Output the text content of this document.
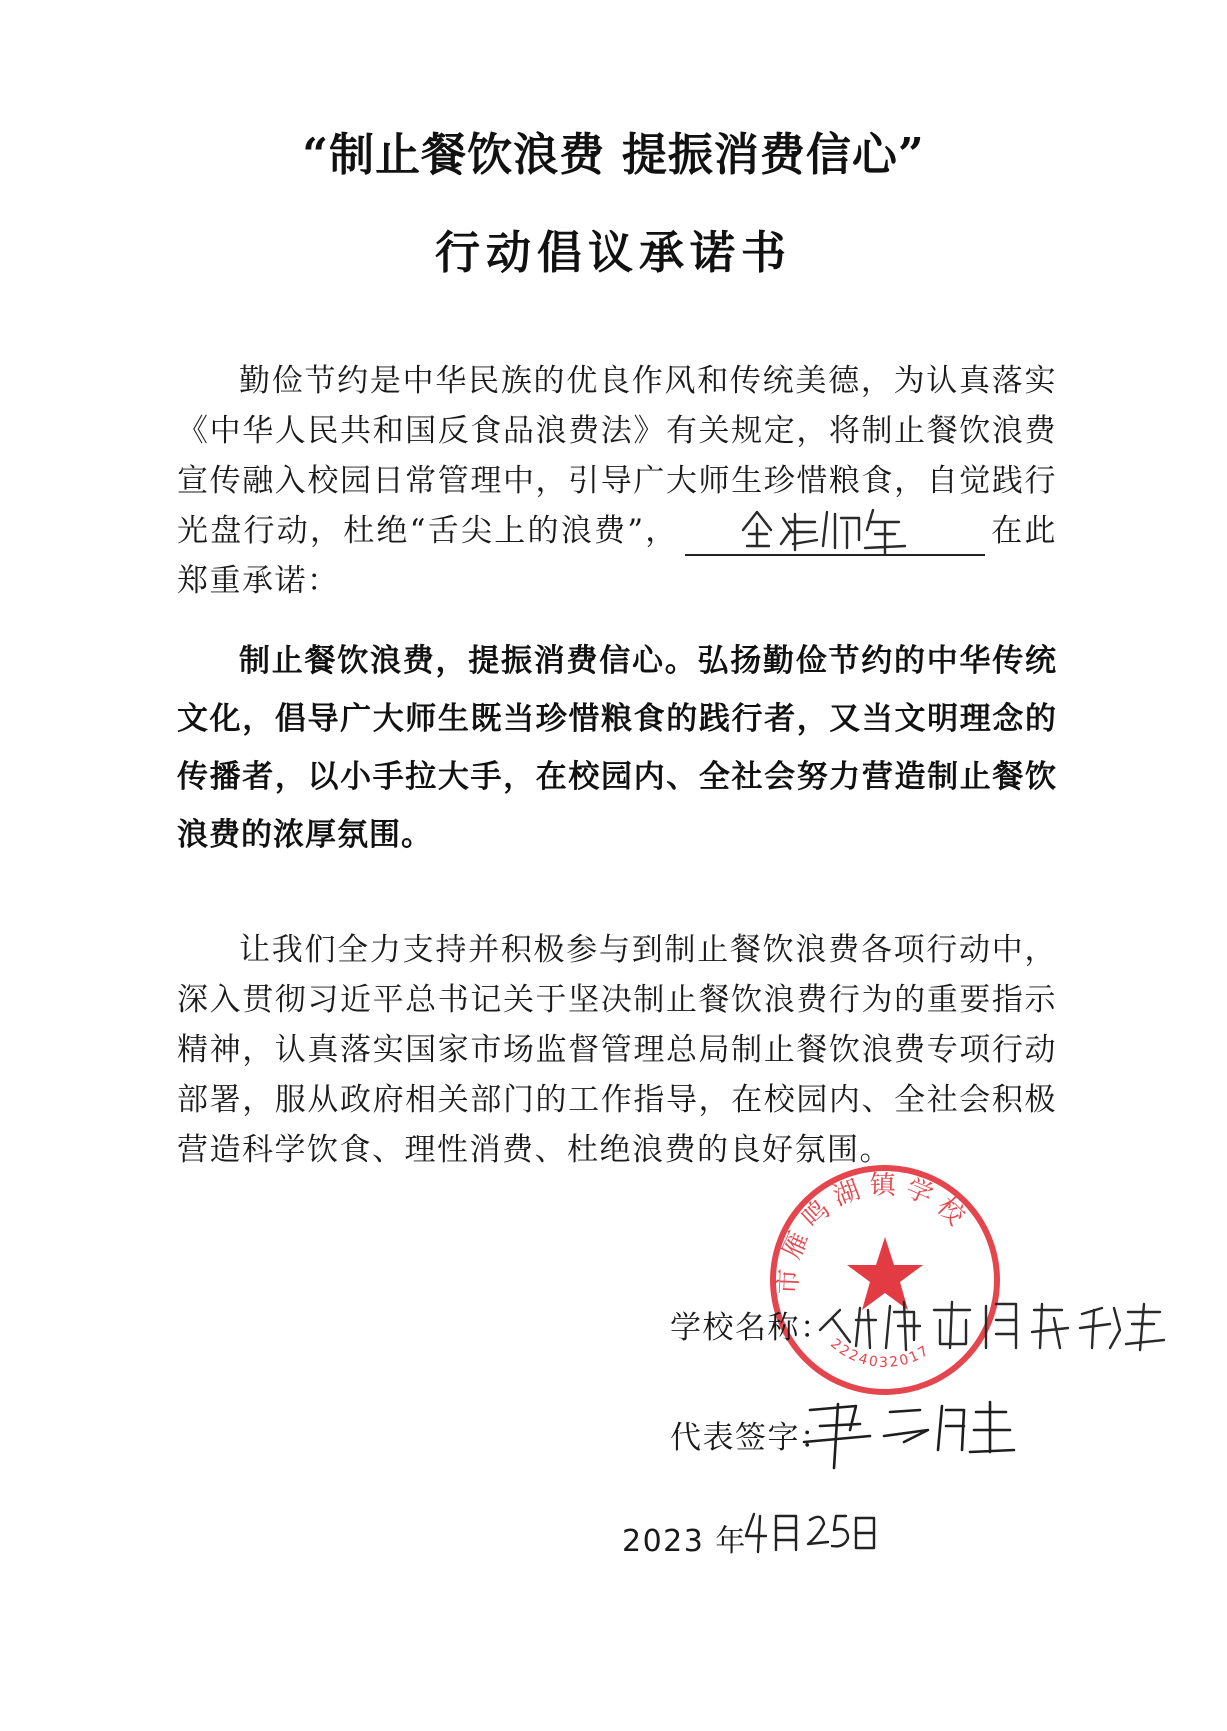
“制止餐饮浪费 提振消费信心”
行动倡议承诺书
勤俭节约是中华民族的优良作风和传统美德，为认真落实《中华人民共和国反食品浪费法》有关规定，将制止餐饮浪费宣传融入校园日常管理中，引导广大师生珍惜粮食，自觉践行光盘行动，杜绝“舌尖上的浪费”，	在此郑重承诺：
制止餐饮浪费，提振消费信心。弘扬勤俭节约的中华传统文化，倡导广大师生既当珍惜粮食的践行者，又当文明理念的传播者，以小手拉大手，在校园内、全社会努力营造制止餐饮浪费的浓厚氛围。
让我们全力支持并积极参与到制止餐饮浪费各项行动中，深入贯彻习近平总书记关于坚决制止餐饮浪费行为的重要指示精神，认真落实国家市场监督管理总局制止餐饮浪费专项行动部署，服从政府相关部门的工作指导，在校园内、全社会积极营造科学饮食、理性消费、杜绝浪费的良好氛围。
市雁鸣湖镇学校
2224032017
学校名称：
代表签字：
2023 年
